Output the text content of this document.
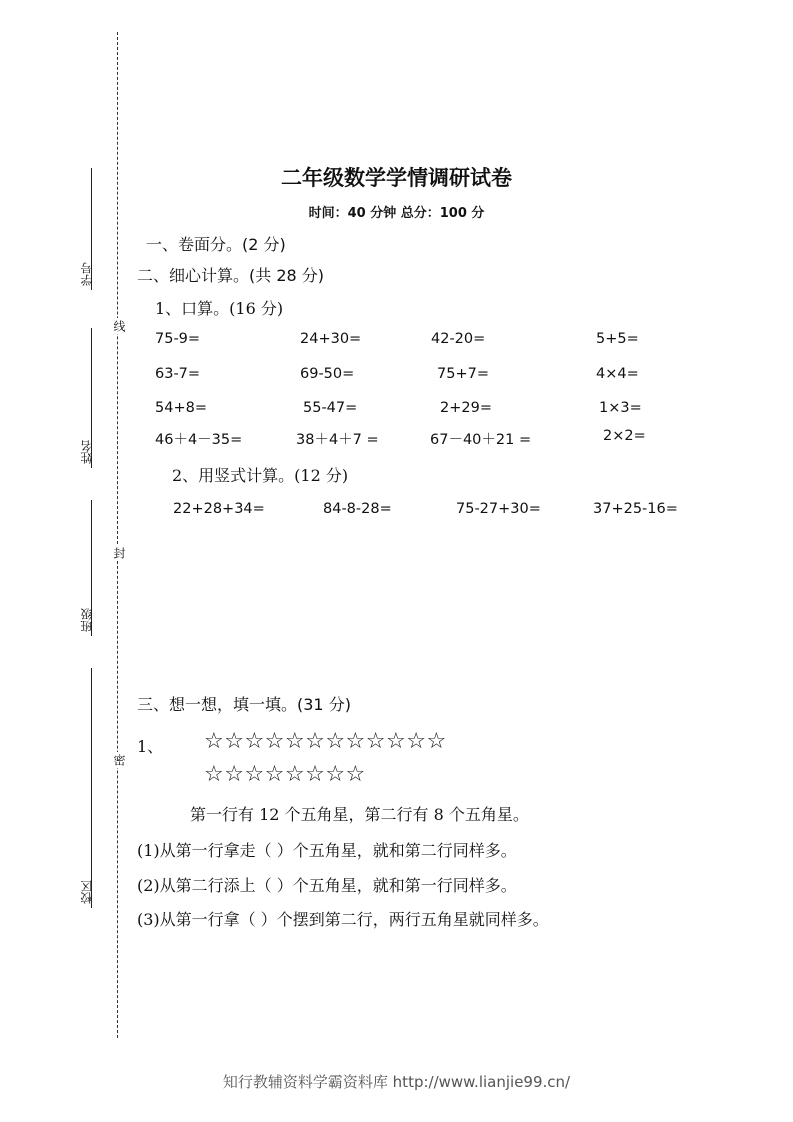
学号
姓名
班级
校区
线
封
密
二年级数学学情调研试卷
时间：40 分钟 总分：100 分
一、卷面分。(2 分)
二、细心计算。(共 28 分)
1、口算。(16 分)
75-9=	24+30=	42-20=	5+5=
63-7=	69-50=	75+7=	4×4=
54+8=	55-47=	2+29=	1×3=
46＋4－35=	38＋4＋7 =	67－40＋21 =	2×2=
2、用竖式计算。(12 分)
22+28+34=	84-8-28=	75-27+30=	37+25-16=
三、想一想，填一填。(31 分)
1、 ☆☆☆☆☆☆☆☆☆☆☆☆
☆☆☆☆☆☆☆☆
第一行有 12 个五角星，第二行有 8 个五角星。
(1)从第一行拿走（ ）个五角星，就和第二行同样多。
(2)从第二行添上（ ）个五角星，就和第一行同样多。
(3)从第一行拿（ ）个摆到第二行，两行五角星就同样多。
知行教辅资料学霸资料库 http://www.lianjie99.cn/
